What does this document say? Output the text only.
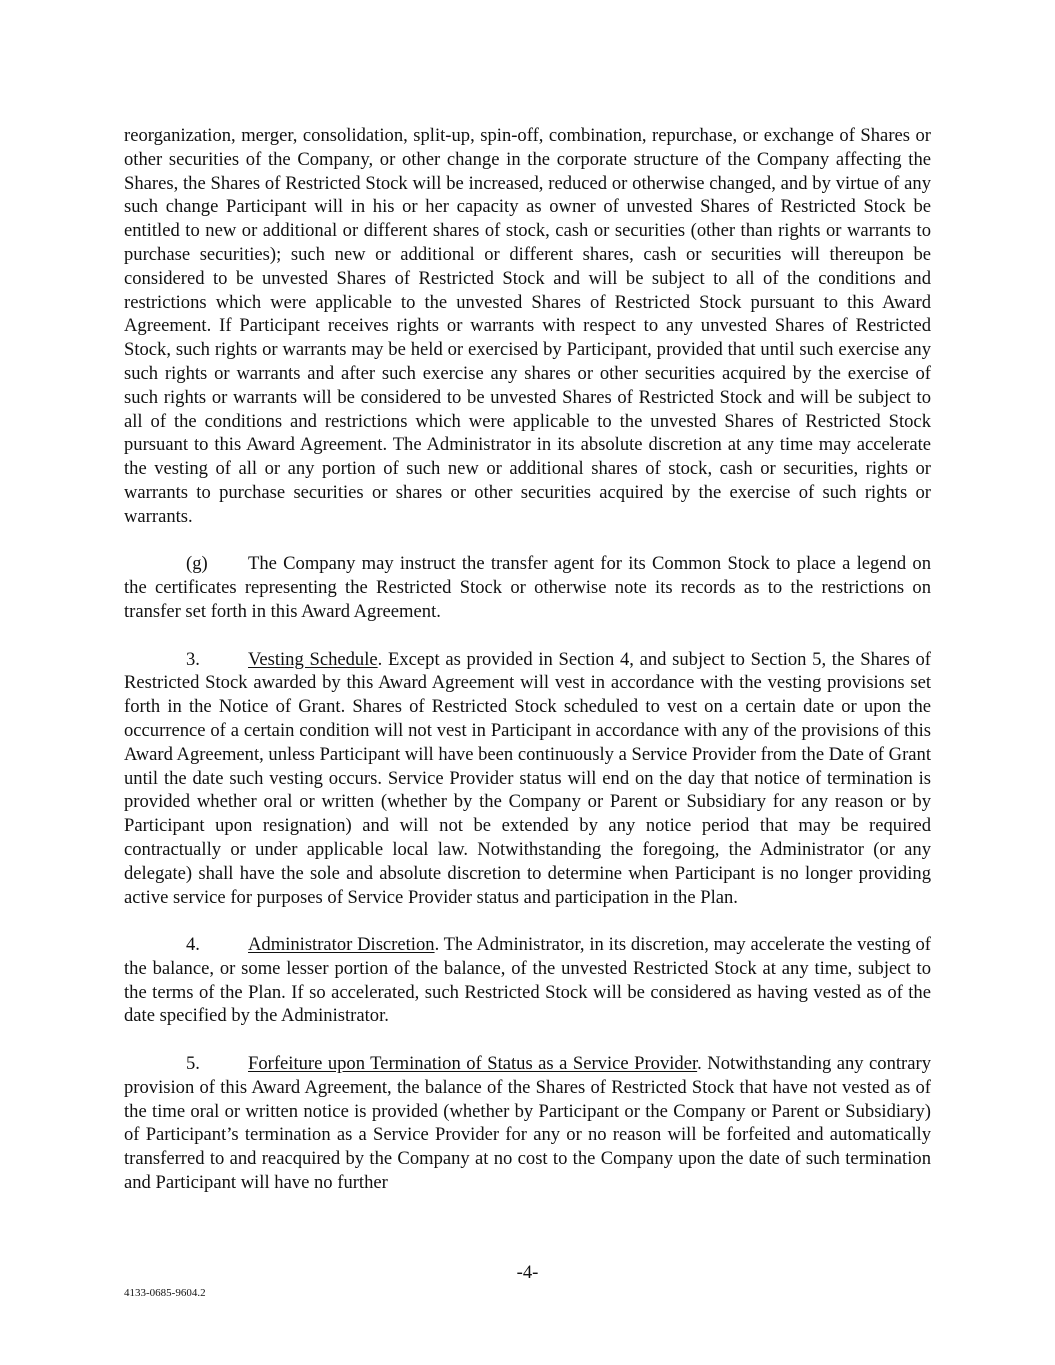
reorganization, merger, consolidation, split-up, spin-off, combination, repurchase, or exchange of Shares or other securities of the Company, or other change in the corporate structure of the Company affecting the Shares, the Shares of Restricted Stock will be increased, reduced or otherwise changed, and by virtue of any such change Participant will in his or her capacity as owner of unvested Shares of Restricted Stock be entitled to new or additional or different shares of stock, cash or securities (other than rights or warrants to purchase securities); such new or additional or different shares, cash or securities will thereupon be considered to be unvested Shares of Restricted Stock and will be subject to all of the conditions and restrictions which were applicable to the unvested Shares of Restricted Stock pursuant to this Award Agreement. If Participant receives rights or warrants with respect to any unvested Shares of Restricted Stock, such rights or warrants may be held or exercised by Participant, provided that until such exercise any such rights or warrants and after such exercise any shares or other securities acquired by the exercise of such rights or warrants will be considered to be unvested Shares of Restricted Stock and will be subject to all of the conditions and restrictions which were applicable to the unvested Shares of Restricted Stock pursuant to this Award Agreement. The Administrator in its absolute discretion at any time may accelerate the vesting of all or any portion of such new or additional shares of stock, cash or securities, rights or warrants to purchase securities or shares or other securities acquired by the exercise of such rights or warrants.

(g) The Company may instruct the transfer agent for its Common Stock to place a legend on the certificates representing the Restricted Stock or otherwise note its records as to the restrictions on transfer set forth in this Award Agreement.

3.	Vesting Schedule. Except as provided in Section 4, and subject to Section 5, the Shares of Restricted Stock awarded by this Award Agreement will vest in accordance with the vesting provisions set forth in the Notice of Grant. Shares of Restricted Stock scheduled to vest on a certain date or upon the occurrence of a certain condition will not vest in Participant in accordance with any of the provisions of this Award Agreement, unless Participant will have been continuously a Service Provider from the Date of Grant until the date such vesting occurs. Service Provider status will end on the day that notice of termination is provided whether oral or written (whether by the Company or Parent or Subsidiary for any reason or by Participant upon resignation) and will not be extended by any notice period that may be required contractually or under applicable local law. Notwithstanding the foregoing, the Administrator (or any delegate) shall have the sole and absolute discretion to determine when Participant is no longer providing active service for purposes of Service Provider status and participation in the Plan.

4.	Administrator Discretion. The Administrator, in its discretion, may accelerate the vesting of the balance, or some lesser portion of the balance, of the unvested Restricted Stock at any time, subject to the terms of the Plan. If so accelerated, such Restricted Stock will be considered as having vested as of the date specified by the Administrator.

5.	Forfeiture upon Termination of Status as a Service Provider. Notwithstanding any contrary provision of this Award Agreement, the balance of the Shares of Restricted Stock that have not vested as of the time oral or written notice is provided (whether by Participant or the Company or Parent or Subsidiary) of Participant’s termination as a Service Provider for any or no reason will be forfeited and automatically transferred to and reacquired by the Company at no cost to the Company upon the date of such termination and Participant will have no further

-4-
4133-0685-9604.2
